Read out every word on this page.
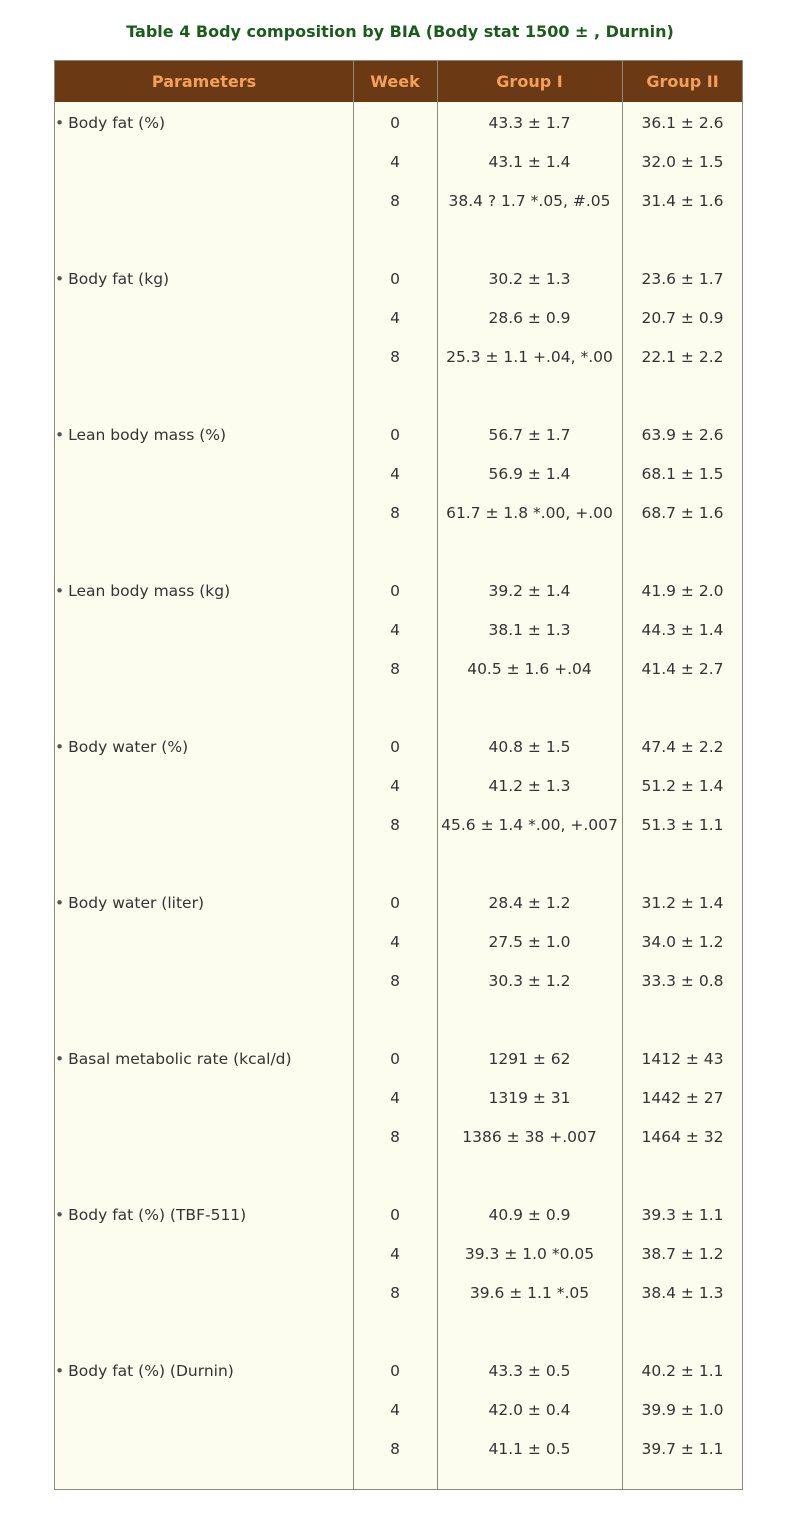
Table 4 Body composition by BIA (Body stat 1500 ± , Durnin)
Parameters	Week	Group I	Group II
• Body fat (%)	0	43.3 ± 1.7	36.1 ± 2.6
4	43.1 ± 1.4	32.0 ± 1.5
8	38.4 ? 1.7 *.05, #.05	31.4 ± 1.6
• Body fat (kg)	0	30.2 ± 1.3	23.6 ± 1.7
4	28.6 ± 0.9	20.7 ± 0.9
8	25.3 ± 1.1 +.04, *.00	22.1 ± 2.2
• Lean body mass (%)	0	56.7 ± 1.7	63.9 ± 2.6
4	56.9 ± 1.4	68.1 ± 1.5
8	61.7 ± 1.8 *.00, +.00	68.7 ± 1.6
• Lean body mass (kg)	0	39.2 ± 1.4	41.9 ± 2.0
4	38.1 ± 1.3	44.3 ± 1.4
8	40.5 ± 1.6 +.04	41.4 ± 2.7
• Body water (%)	0	40.8 ± 1.5	47.4 ± 2.2
4	41.2 ± 1.3	51.2 ± 1.4
8	45.6 ± 1.4 *.00, +.007	51.3 ± 1.1
• Body water (liter)	0	28.4 ± 1.2	31.2 ± 1.4
4	27.5 ± 1.0	34.0 ± 1.2
8	30.3 ± 1.2	33.3 ± 0.8
• Basal metabolic rate (kcal/d)	0	1291 ± 62	1412 ± 43
4	1319 ± 31	1442 ± 27
8	1386 ± 38 +.007	1464 ± 32
• Body fat (%) (TBF-511)	0	40.9 ± 0.9	39.3 ± 1.1
4	39.3 ± 1.0 *0.05	38.7 ± 1.2
8	39.6 ± 1.1 *.05	38.4 ± 1.3
• Body fat (%) (Durnin)	0	43.3 ± 0.5	40.2 ± 1.1
4	42.0 ± 0.4	39.9 ± 1.0
8	41.1 ± 0.5	39.7 ± 1.1
